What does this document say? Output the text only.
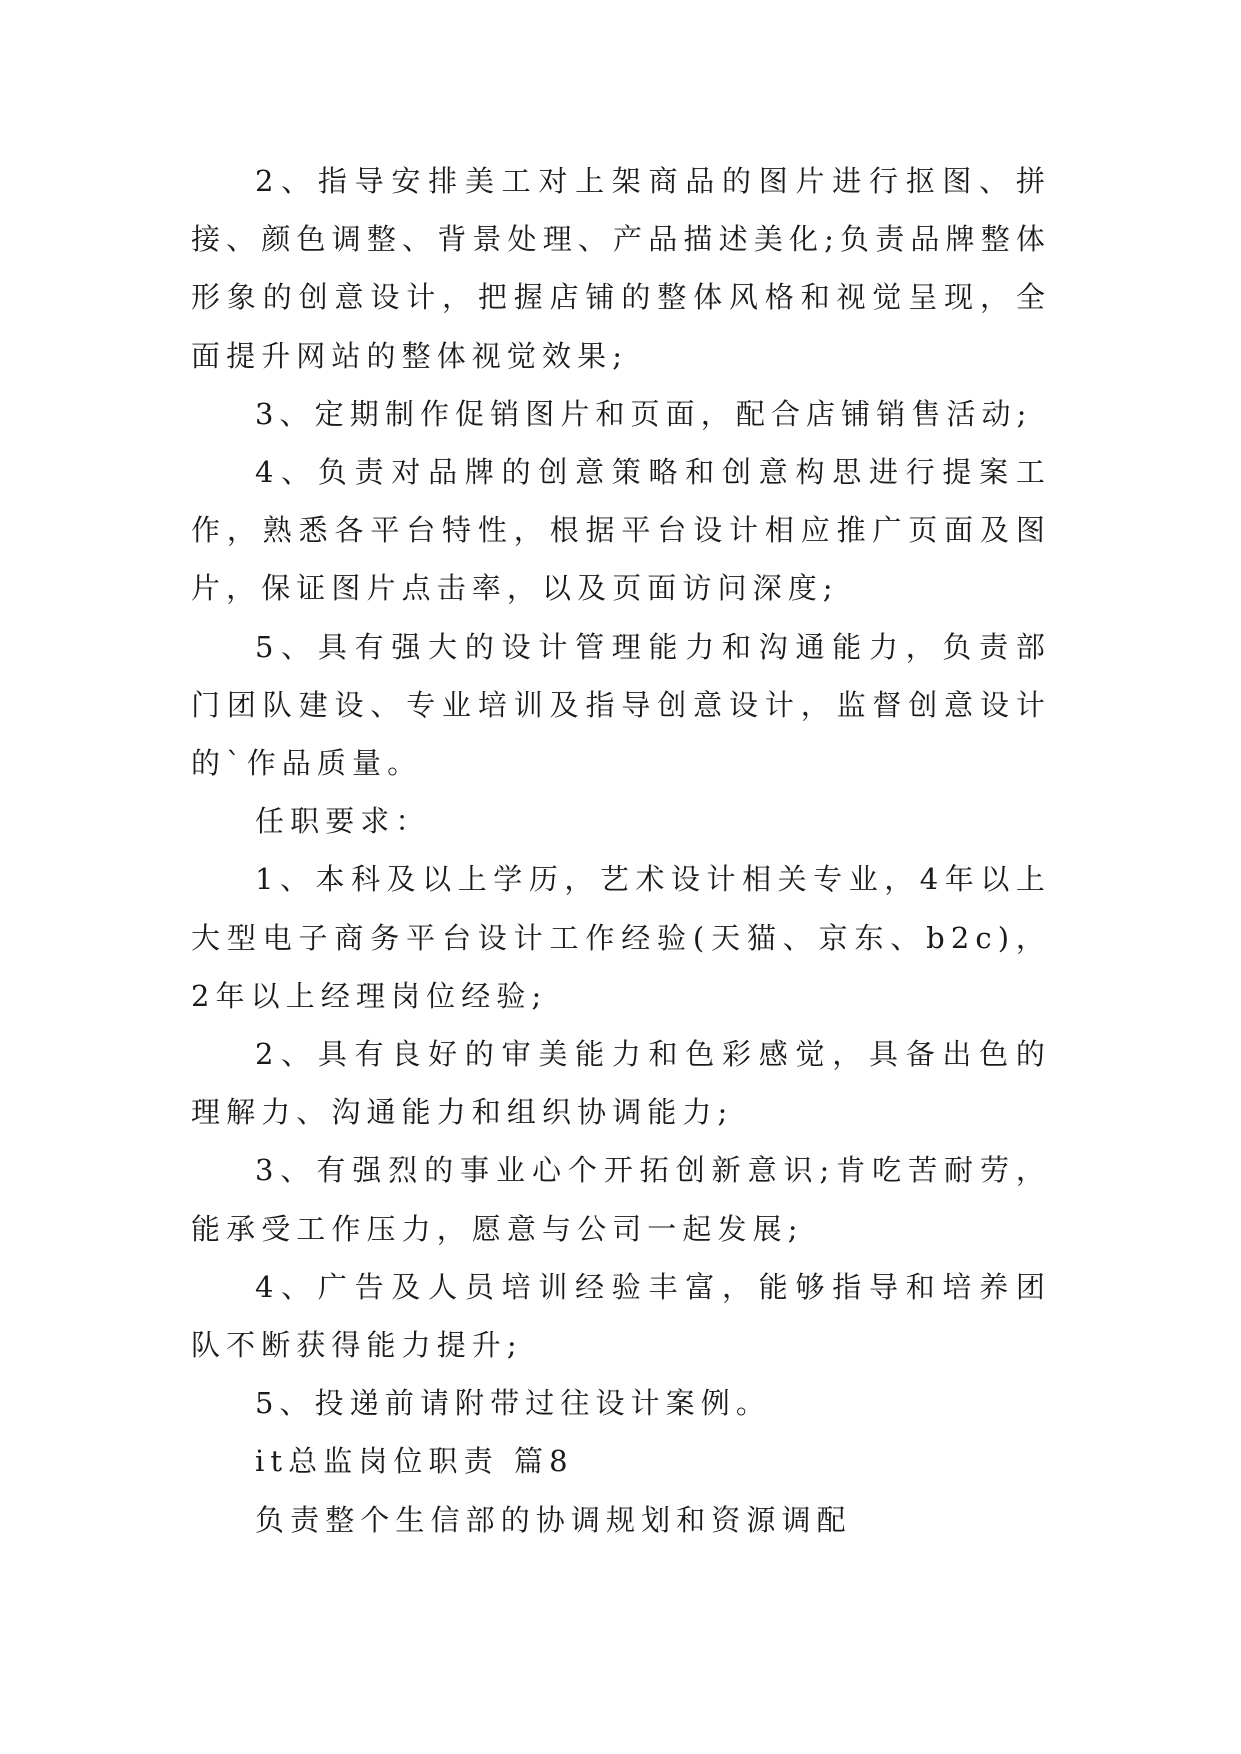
2、指导安排美工对上架商品的图片进行抠图、拼接、颜色调整、背景处理、产品描述美化;负责品牌整体形象的创意设计，把握店铺的整体风格和视觉呈现，全面提升网站的整体视觉效果;

3、定期制作促销图片和页面，配合店铺销售活动;

4、负责对品牌的创意策略和创意构思进行提案工作，熟悉各平台特性，根据平台设计相应推广页面及图片，保证图片点击率，以及页面访问深度;

5、具有强大的设计管理能力和沟通能力，负责部门团队建设、专业培训及指导创意设计，监督创意设计的`作品质量。

任职要求：

1、本科及以上学历，艺术设计相关专业，4年以上大型电子商务平台设计工作经验(天猫、京东、b2c)，2年以上经理岗位经验;

2、具有良好的审美能力和色彩感觉，具备出色的理解力、沟通能力和组织协调能力;

3、有强烈的事业心个开拓创新意识;肯吃苦耐劳，能承受工作压力，愿意与公司一起发展;

4、广告及人员培训经验丰富，能够指导和培养团队不断获得能力提升;

5、投递前请附带过往设计案例。

it总监岗位职责 篇8

负责整个生信部的协调规划和资源调配
